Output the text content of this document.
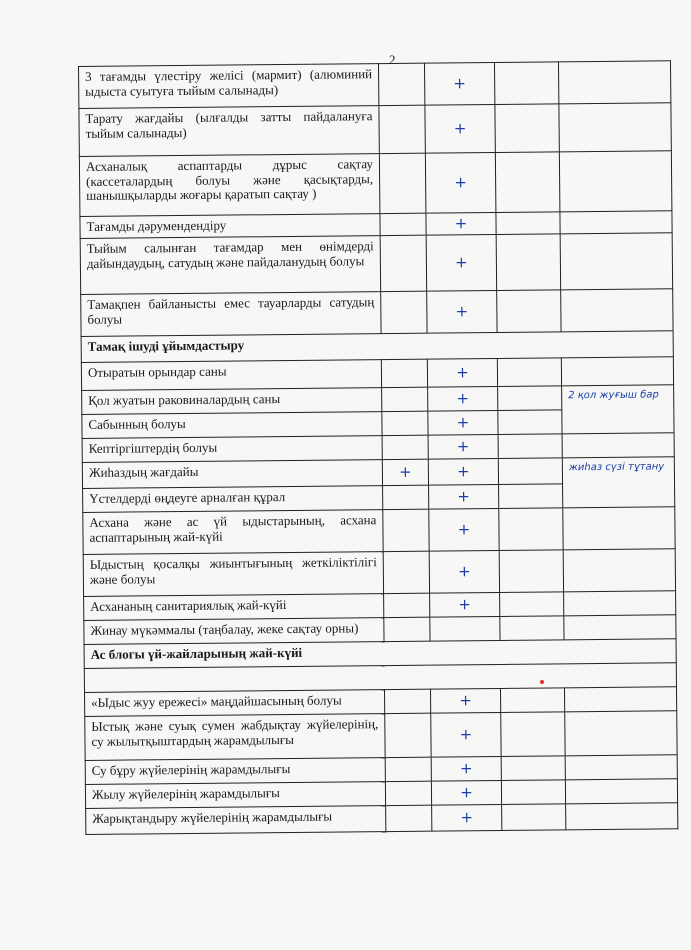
2
3 тағамды үлестіру желісі (мармит) (алюминий ыдыста суытуға тыйым салынады)		+		
Тарату жағдайы (ылғалды затты пайдалануға тыйым салынады)		+		
Асханалық аспаптарды дұрыс сақтау (кассеталардың болуы және қасықтарды, шанышқыларды жоғары қаратып сақтау )		+		
Тағамды дәрумендендіру		+		
Тыйым салынған тағамдар мен өнімдерді дайындаудың, сатудың және пайдаланудың болуы		+		
Тамақпен байланысты емес тауарларды сатудың болуы		+		
Тамақ ішуді ұйымдастыру				
Отыратын орындар саны		+		
Қол жуатын раковиналардың саны		+		2 қол жуғыш бар
Сабынның болуы		+		
Кептіргіштердің болуы		+		
Жиһаздың жағдайы	+	+		жиһаз сүзі тұтану
Үстелдерді өңдеуге арналған құрал		+		
Асхана және ас үй ыдыстарының, асхана аспаптарының жай-күйі		+		
Ыдыстың қосалқы жиынтығының жеткіліктілігі және болуы		+		
Асхананың санитариялық жай-күйі		+		
Жинау мүкәммалы (таңбалау, жеке сақтау орны)				
Ас блогы үй-жайларының жай-күйі				

«Ыдыс жуу ережесі» маңдайшасының болуы		+		
Ыстық және суық сумен жабдықтау жүйелерінің, су жылытқыштардың жарамдылығы		+		
Су бұру жүйелерінің жарамдылығы		+		
Жылу жүйелерінің жарамдылығы		+		
Жарықтандыру жүйелерінің жарамдылығы		+		
